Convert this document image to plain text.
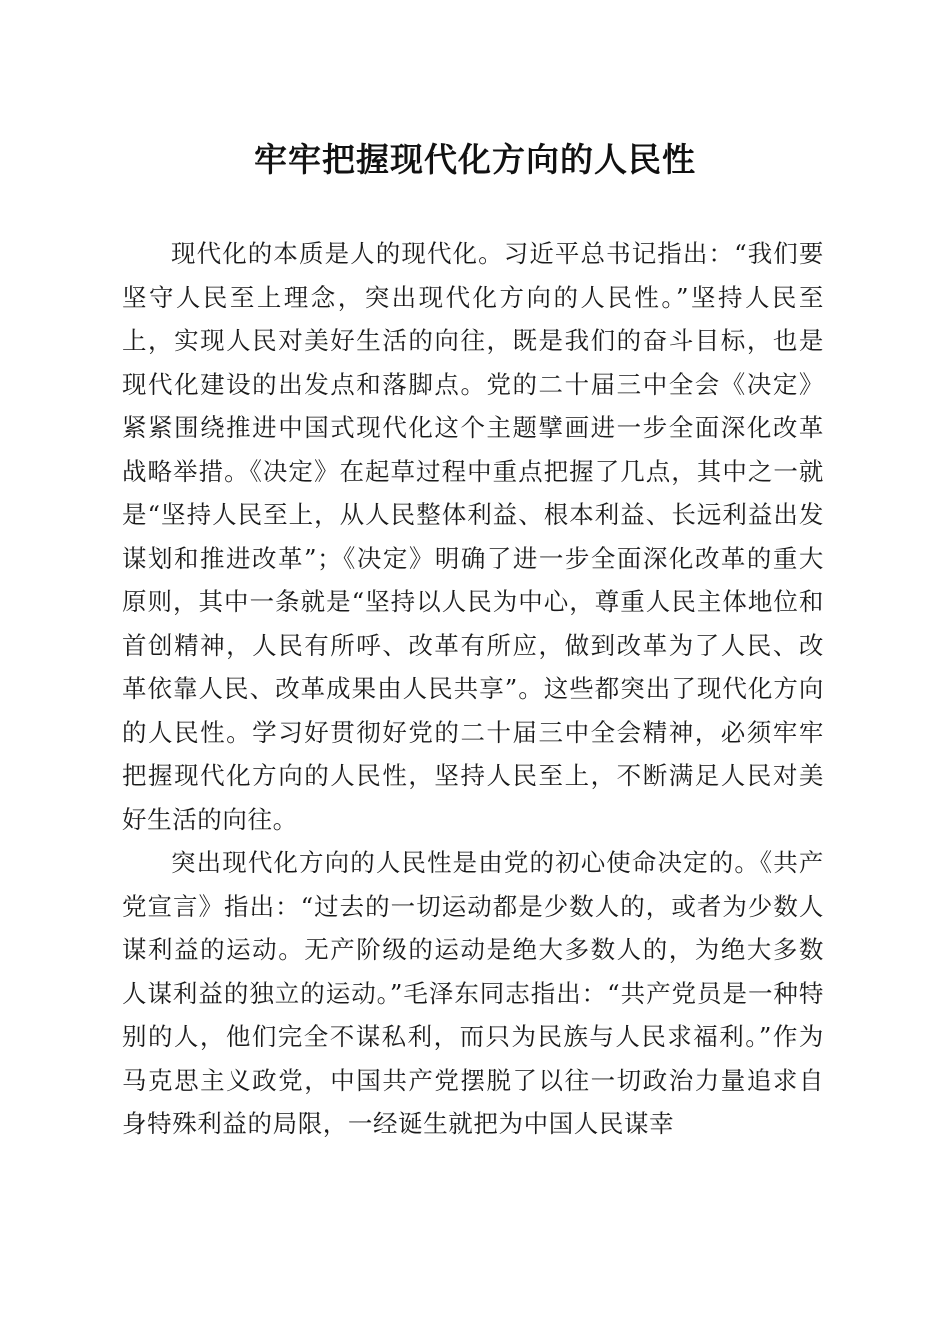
牢牢把握现代化方向的人民性

现代化的本质是人的现代化。习近平总书记指出：“我们要坚守人民至上理念，突出现代化方向的人民性。”坚持人民至上，实现人民对美好生活的向往，既是我们的奋斗目标，也是现代化建设的出发点和落脚点。党的二十届三中全会《决定》紧紧围绕推进中国式现代化这个主题擘画进一步全面深化改革战略举措。《决定》在起草过程中重点把握了几点，其中之一就是“坚持人民至上，从人民整体利益、根本利益、长远利益出发谋划和推进改革”；《决定》明确了进一步全面深化改革的重大原则，其中一条就是“坚持以人民为中心，尊重人民主体地位和首创精神，人民有所呼、改革有所应，做到改革为了人民、改革依靠人民、改革成果由人民共享”。这些都突出了现代化方向的人民性。学习好贯彻好党的二十届三中全会精神，必须牢牢把握现代化方向的人民性，坚持人民至上，不断满足人民对美好生活的向往。

突出现代化方向的人民性是由党的初心使命决定的。《共产党宣言》指出：“过去的一切运动都是少数人的，或者为少数人谋利益的运动。无产阶级的运动是绝大多数人的，为绝大多数人谋利益的独立的运动。”毛泽东同志指出：“共产党员是一种特别的人，他们完全不谋私利，而只为民族与人民求福利。”作为马克思主义政党，中国共产党摆脱了以往一切政治力量追求自身特殊利益的局限，一经诞生就把为中国人民谋幸
